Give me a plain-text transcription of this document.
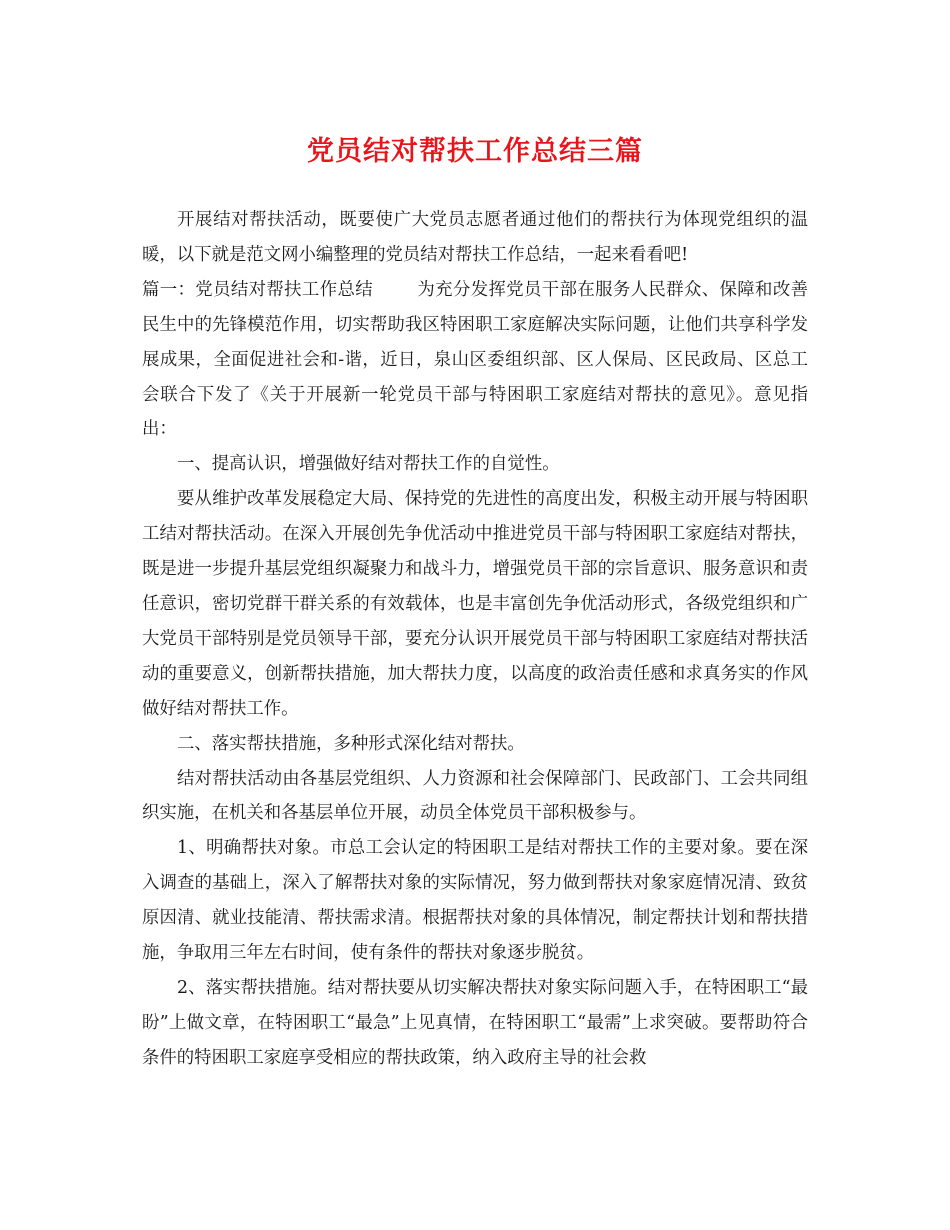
党员结对帮扶工作总结三篇

开展结对帮扶活动，既要使广大党员志愿者通过他们的帮扶行为体现党组织的温暖，以下就是范文网小编整理的党员结对帮扶工作总结，一起来看看吧!

篇一：党员结对帮扶工作总结	为充分发挥党员干部在服务人民群众、保障和改善民生中的先锋模范作用，切实帮助我区特困职工家庭解决实际问题，让他们共享科学发展成果，全面促进社会和-谐，近日，泉山区委组织部、区人保局、区民政局、区总工会联合下发了《关于开展新一轮党员干部与特困职工家庭结对帮扶的意见》。意见指出：

一、提高认识，增强做好结对帮扶工作的自觉性。

要从维护改革发展稳定大局、保持党的先进性的高度出发，积极主动开展与特困职工结对帮扶活动。在深入开展创先争优活动中推进党员干部与特困职工家庭结对帮扶，既是进一步提升基层党组织凝聚力和战斗力，增强党员干部的宗旨意识、服务意识和责任意识，密切党群干群关系的有效载体，也是丰富创先争优活动形式，各级党组织和广大党员干部特别是党员领导干部，要充分认识开展党员干部与特困职工家庭结对帮扶活动的重要意义，创新帮扶措施，加大帮扶力度，以高度的政治责任感和求真务实的作风做好结对帮扶工作。

二、落实帮扶措施，多种形式深化结对帮扶。

结对帮扶活动由各基层党组织、人力资源和社会保障部门、民政部门、工会共同组织实施，在机关和各基层单位开展，动员全体党员干部积极参与。

1、明确帮扶对象。市总工会认定的特困职工是结对帮扶工作的主要对象。要在深入调查的基础上，深入了解帮扶对象的实际情况，努力做到帮扶对象家庭情况清、致贫原因清、就业技能清、帮扶需求清。根据帮扶对象的具体情况，制定帮扶计划和帮扶措施，争取用三年左右时间，使有条件的帮扶对象逐步脱贫。

2、落实帮扶措施。结对帮扶要从切实解决帮扶对象实际问题入手，在特困职工“最盼”上做文章，在特困职工“最急”上见真情，在特困职工“最需”上求突破。要帮助符合条件的特困职工家庭享受相应的帮扶政策，纳入政府主导的社会救
